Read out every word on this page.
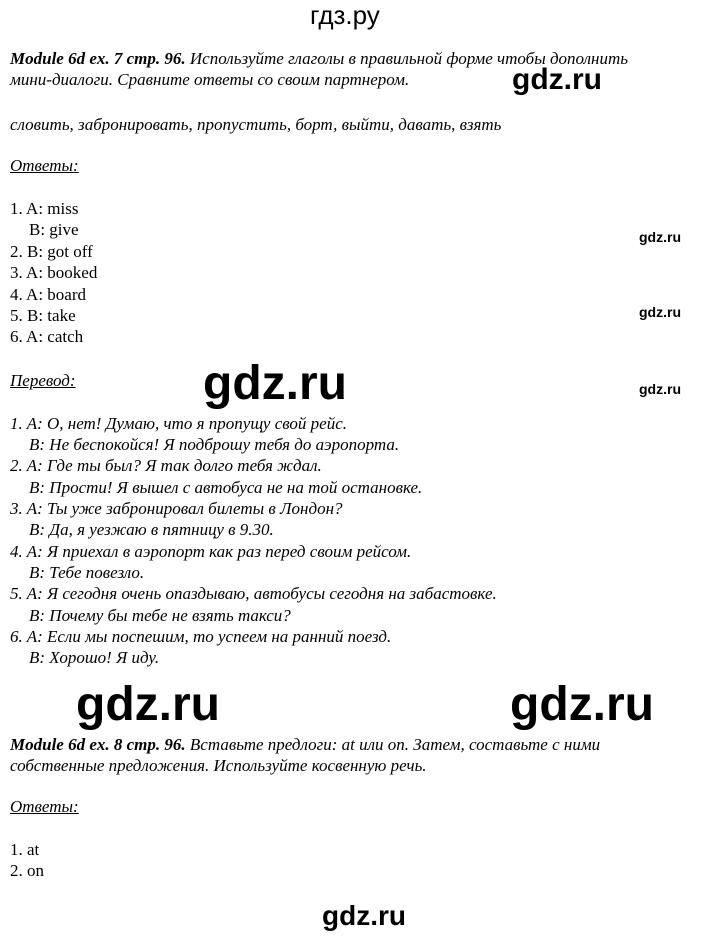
гдз.ру
Module 6d ex. 7 стр. 96. Используйте глаголы в правильной форме чтобы дополнить
мини-диалоги. Сравните ответы со своим партнером.	gdz.ru
словить, забронировать, пропустить, борт, выйти, давать, взять
Ответы:
1. A: miss
B: give
2. B: got off
3. A: booked
4. A: board
5. B: take
6. A: catch
gdz.ru
gdz.ru
gdz.ru
Перевод:	gdz.ru
1. A: О, нет! Думаю, что я пропущу свой рейс.
B: Не беспокойся! Я подброшу тебя до аэропорта.
2. A: Где ты был? Я так долго тебя ждал.
B: Прости! Я вышел с автобуса не на той остановке.
3. A: Ты уже забронировал билеты в Лондон?
B: Да, я уезжаю в пятницу в 9.30.
4. A: Я приехал в аэропорт как раз перед своим рейсом.
B: Тебе повезло.
5. A: Я сегодня очень опаздываю, автобусы сегодня на забастовке.
B: Почему бы тебе не взять такси?
6. A: Если мы поспешим, то успеем на ранний поезд.
B: Хорошо! Я иду.
gdz.ru	gdz.ru
Module 6d ex. 8 стр. 96. Вставьте предлоги: at или on. Затем, составьте с ними
собственные предложения. Используйте косвенную речь.
Ответы:
1. at
2. on
gdz.ru
